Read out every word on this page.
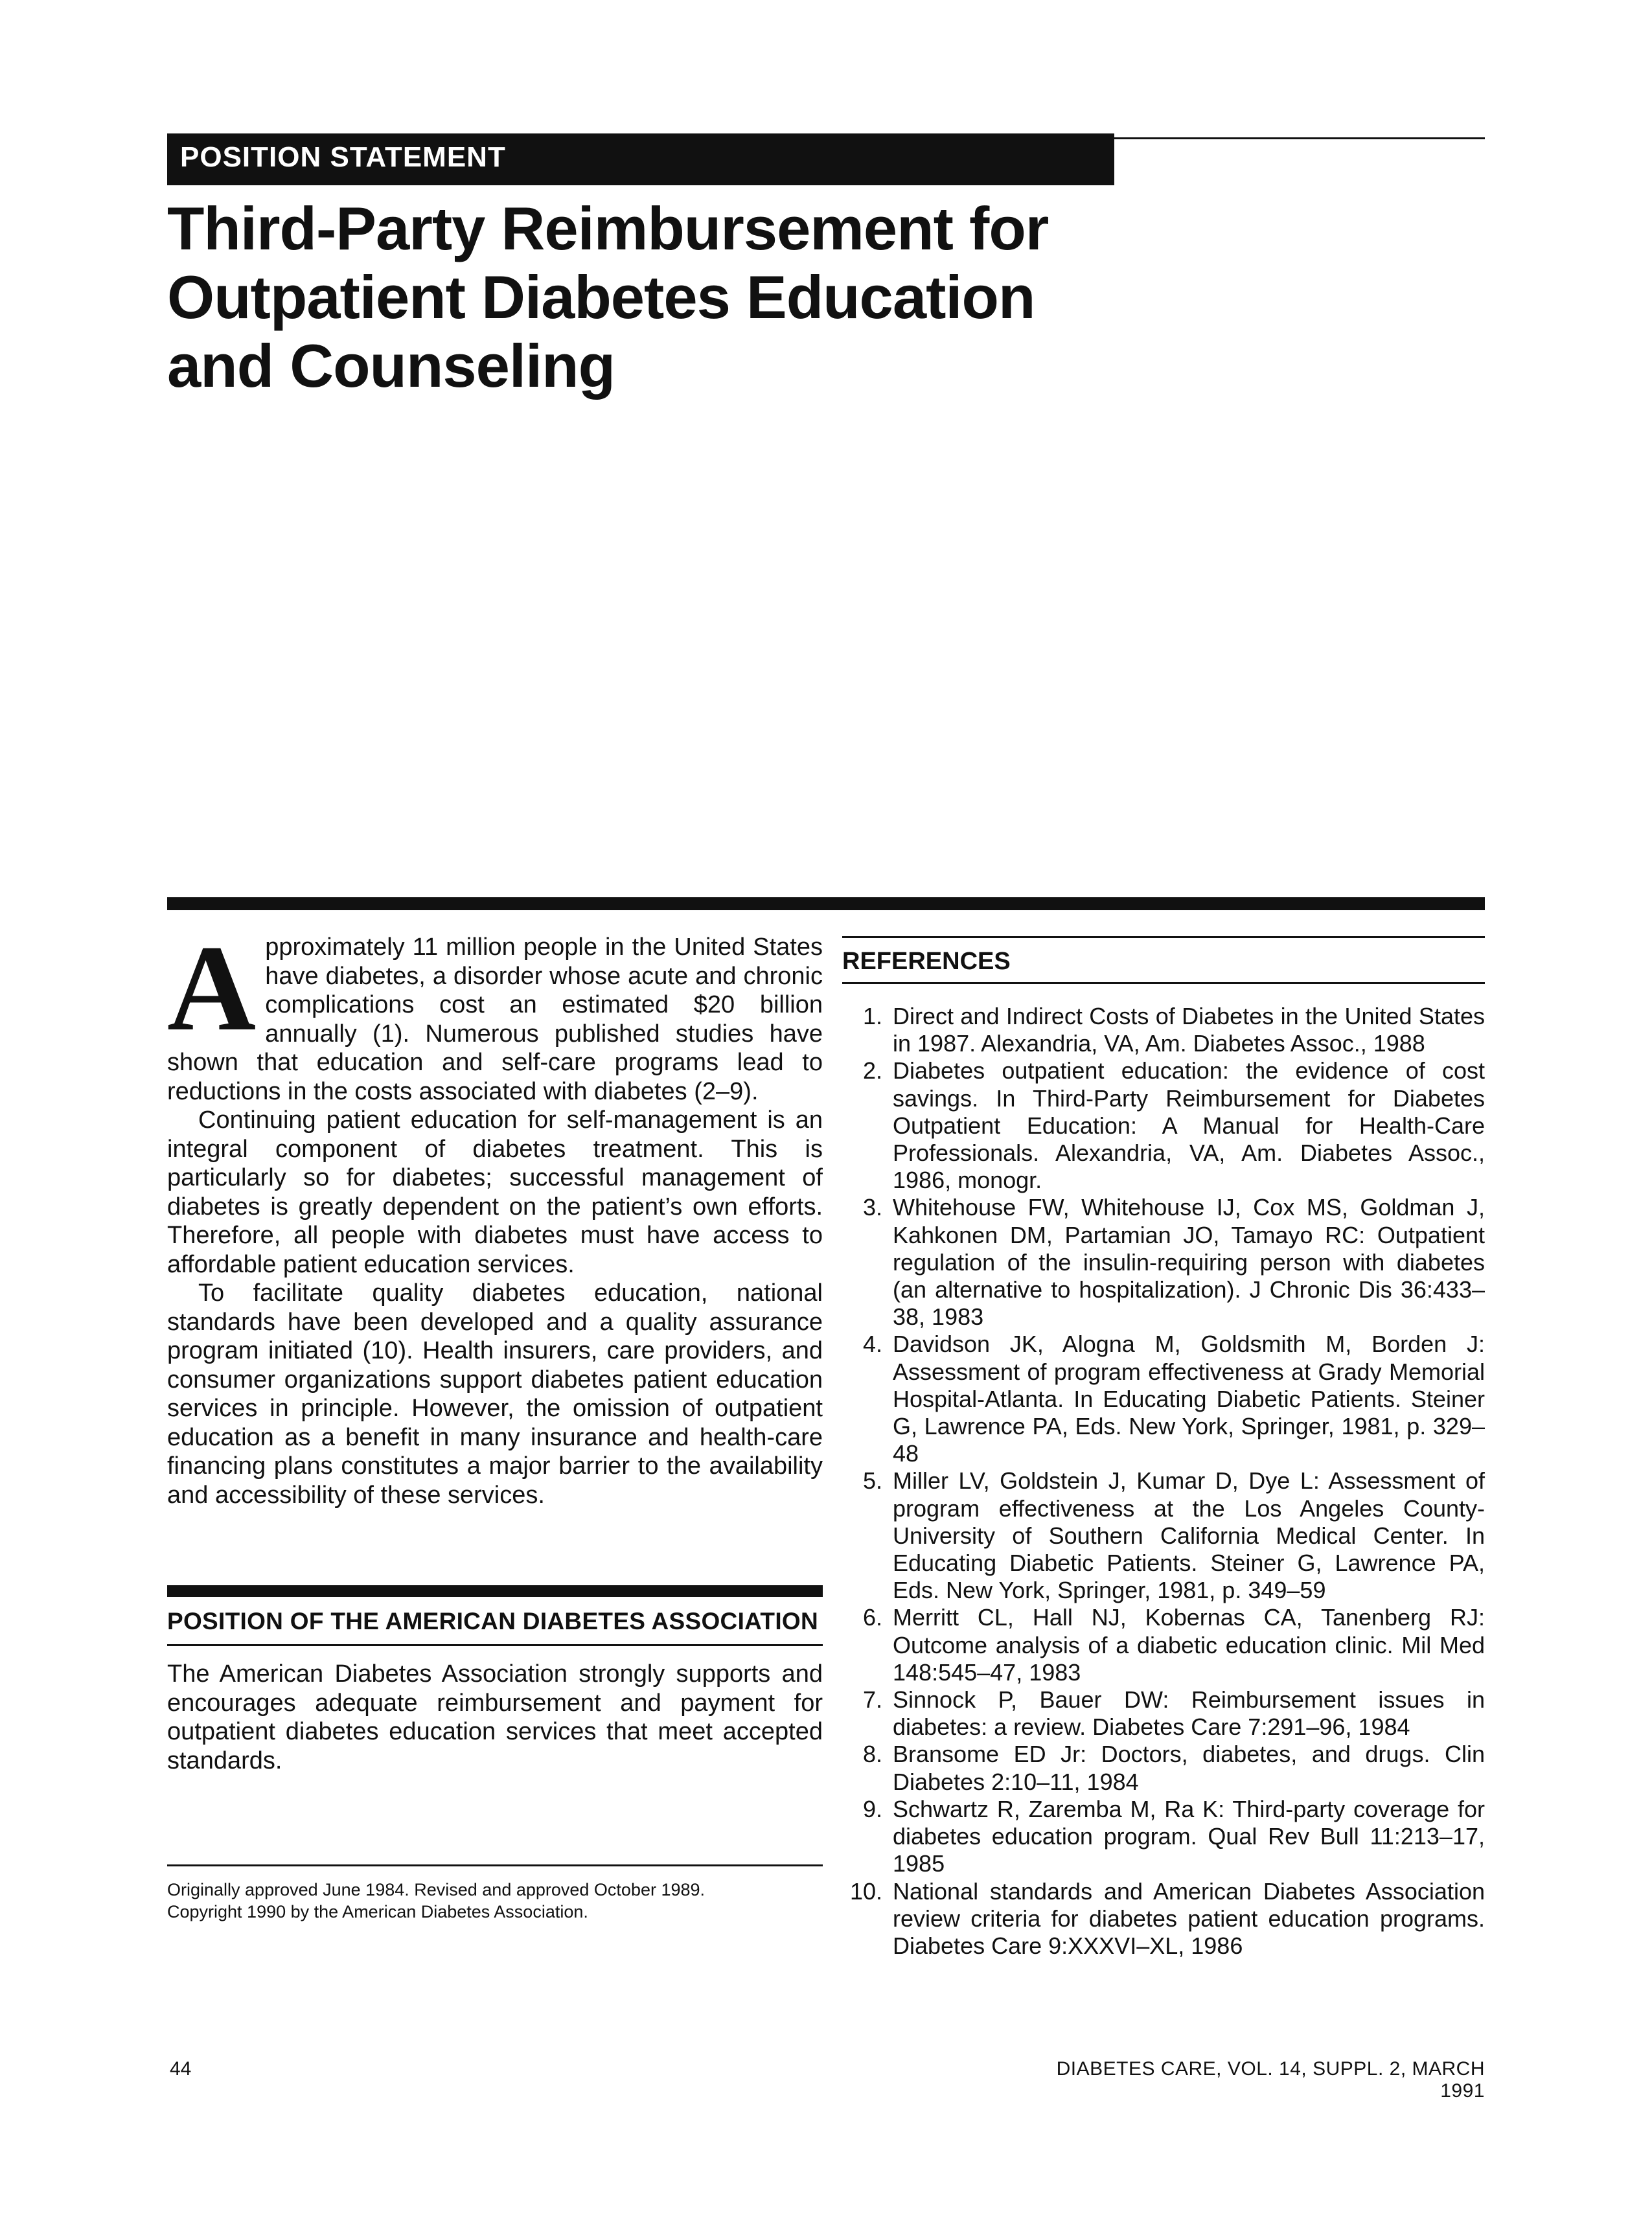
POSITION STATEMENT
Third-Party Reimbursement for Outpatient Diabetes Education and Counseling

Approximately 11 million people in the United States have diabetes, a disorder whose acute and chronic complications cost an estimated $20 billion annually (1). Numerous published studies have shown that education and self-care programs lead to reductions in the costs associated with diabetes (2–9).

Continuing patient education for self-management is an integral component of diabetes treatment. This is particularly so for diabetes; successful management of diabetes is greatly dependent on the patient’s own efforts. Therefore, all people with diabetes must have access to affordable patient education services.

To facilitate quality diabetes education, national standards have been developed and a quality assurance program initiated (10). Health insurers, care providers, and consumer organizations support diabetes patient education services in principle. However, the omission of outpatient education as a benefit in many insurance and health-care financing plans constitutes a major barrier to the availability and accessibility of these services.

POSITION OF THE AMERICAN DIABETES ASSOCIATION

The American Diabetes Association strongly supports and encourages adequate reimbursement and payment for outpatient diabetes education services that meet accepted standards.

Originally approved June 1984. Revised and approved October 1989.
Copyright 1990 by the American Diabetes Association.
REFERENCES
1. Direct and Indirect Costs of Diabetes in the United States in 1987. Alexandria, VA, Am. Diabetes Assoc., 1988
2. Diabetes outpatient education: the evidence of cost savings. In Third-Party Reimbursement for Diabetes Outpatient Education: A Manual for Health-Care Professionals. Alexandria, VA, Am. Diabetes Assoc., 1986, monogr.
3. Whitehouse FW, Whitehouse IJ, Cox MS, Goldman J, Kahkonen DM, Partamian JO, Tamayo RC: Outpatient regulation of the insulin-requiring person with diabetes (an alternative to hospitalization). J Chronic Dis 36:433–38, 1983
4. Davidson JK, Alogna M, Goldsmith M, Borden J: Assessment of program effectiveness at Grady Memorial Hospital-Atlanta. In Educating Diabetic Patients. Steiner G, Lawrence PA, Eds. New York, Springer, 1981, p. 329–48
5. Miller LV, Goldstein J, Kumar D, Dye L: Assessment of program effectiveness at the Los Angeles County-University of Southern California Medical Center. In Educating Diabetic Patients. Steiner G, Lawrence PA, Eds. New York, Springer, 1981, p. 349–59
6. Merritt CL, Hall NJ, Kobernas CA, Tanenberg RJ: Outcome analysis of a diabetic education clinic. Mil Med 148:545–47, 1983
7. Sinnock P, Bauer DW: Reimbursement issues in diabetes: a review. Diabetes Care 7:291–96, 1984
8. Bransome ED Jr: Doctors, diabetes, and drugs. Clin Diabetes 2:10–11, 1984
9. Schwartz R, Zaremba M, Ra K: Third-party coverage for diabetes education program. Qual Rev Bull 11:213–17, 1985
10. National standards and American Diabetes Association review criteria for diabetes patient education programs. Diabetes Care 9:XXXVI–XL, 1986
44	DIABETES CARE, VOL. 14, SUPPL. 2, MARCH 1991
